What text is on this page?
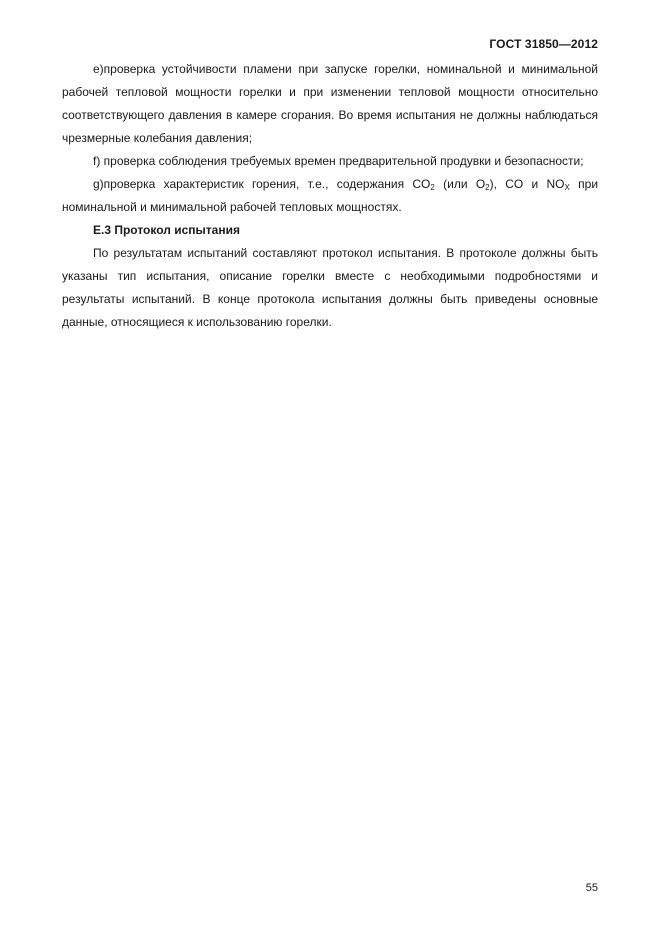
ГОСТ 31850—2012

е)проверка устойчивости пламени при запуске горелки, номинальной и минимальной рабочей тепловой мощности горелки и при изменении тепловой мощности относительно соответствующего давления в камере сгорания. Во время испытания не должны наблюдаться чрезмерные колебания давления;

f) проверка соблюдения требуемых времен предварительной продувки и безопасности;

g)проверка характеристик горения, т.е., содержания $CO_2$ (или $O_2$), CO и $NO_X$ при номинальной и минимальной рабочей тепловых мощностях.

Е.3 Протокол испытания

По результатам испытаний составляют протокол испытания. В протоколе должны быть указаны тип испытания, описание горелки вместе с необходимыми подробностями и результаты испытаний. В конце протокола испытания должны быть приведены основные данные, относящиеся к использованию горелки.

55
